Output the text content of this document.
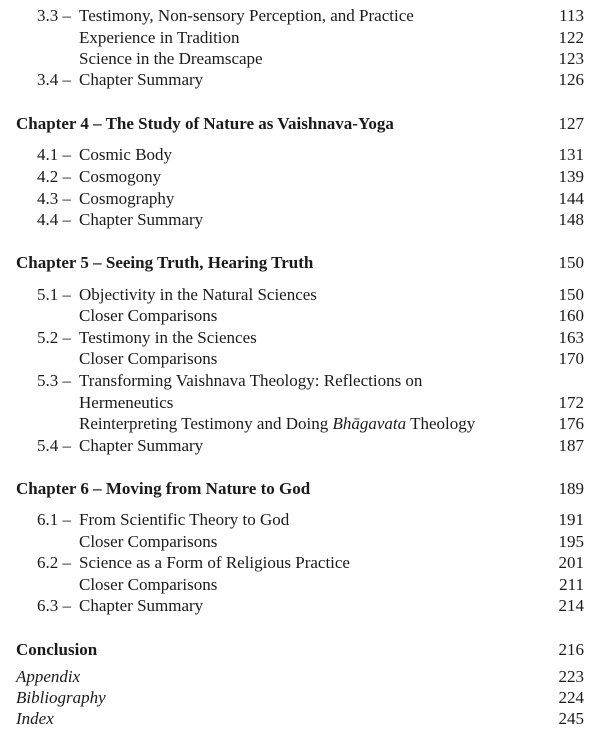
3.3 – Testimony, Non-sensory Perception, and Practice	113
Experience in Tradition	122
Science in the Dreamscape	123
3.4 – Chapter Summary	126
Chapter 4 – The Study of Nature as Vaishnava-Yoga	127
4.1 – Cosmic Body	131
4.2 – Cosmogony	139
4.3 – Cosmography	144
4.4 – Chapter Summary	148
Chapter 5 – Seeing Truth, Hearing Truth	150
5.1 – Objectivity in the Natural Sciences	150
Closer Comparisons	160
5.2 – Testimony in the Sciences	163
Closer Comparisons	170
5.3 – Transforming Vaishnava Theology: Reflections on
Hermeneutics	172
Reinterpreting Testimony and Doing Bhāgavata Theology	176
5.4 – Chapter Summary	187
Chapter 6 – Moving from Nature to God	189
6.1 – From Scientific Theory to God	191
Closer Comparisons	195
6.2 – Science as a Form of Religious Practice	201
Closer Comparisons	211
6.3 – Chapter Summary	214
Conclusion	216
Appendix	223
Bibliography	224
Index	245
